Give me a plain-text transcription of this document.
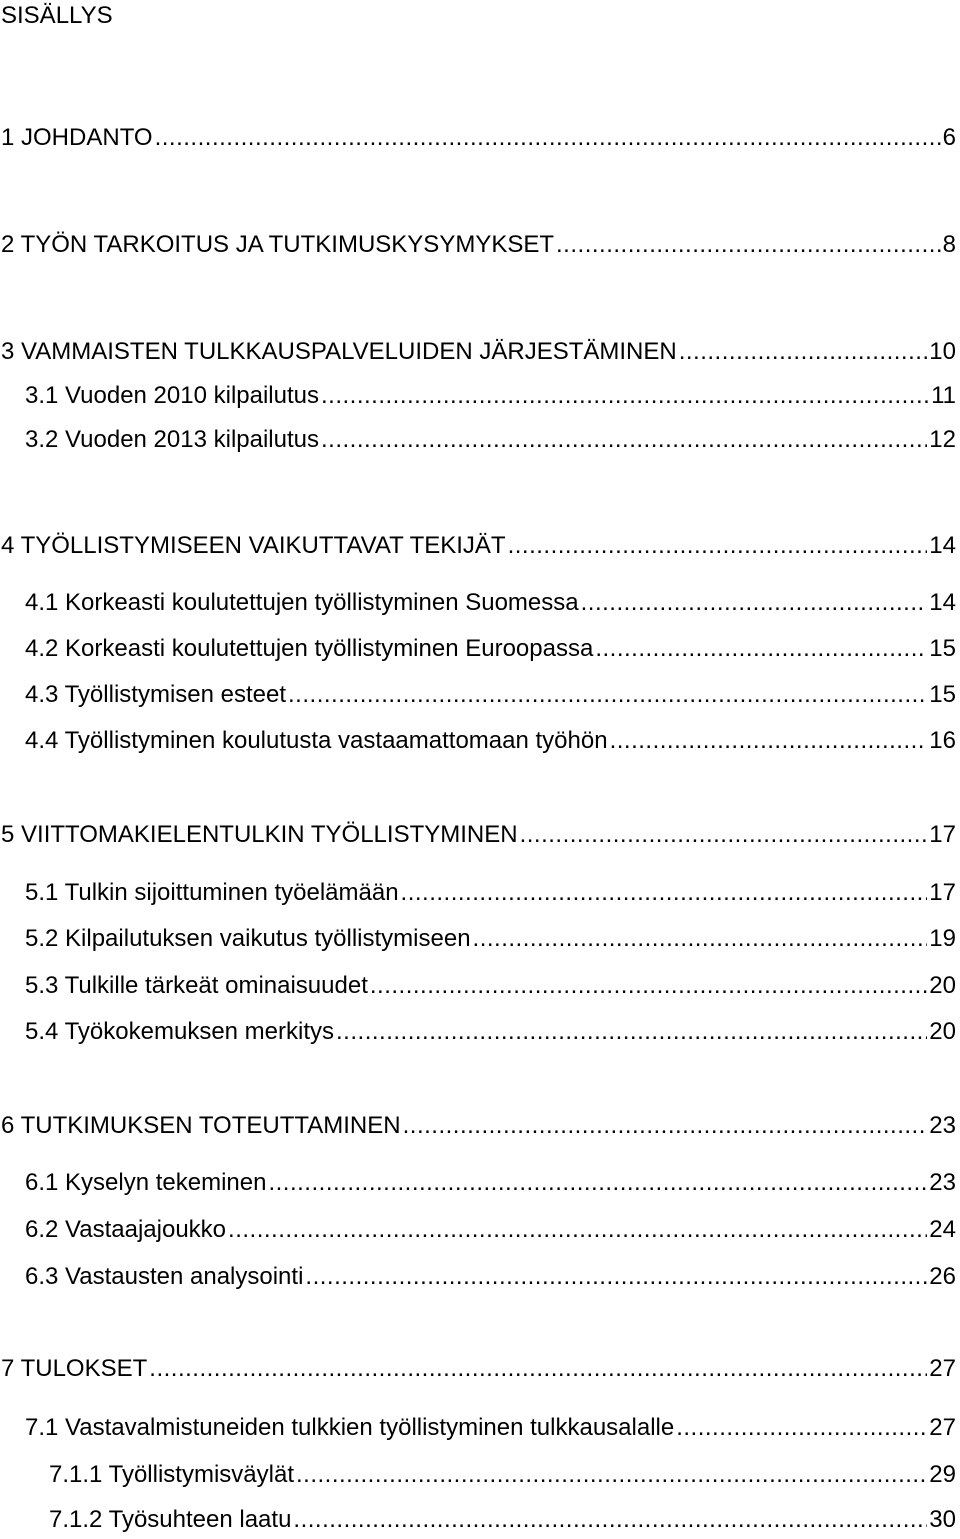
SISÄLLYS
1 JOHDANTO .....	6
2 TYÖN TARKOITUS JA TUTKIMUSKYSYMYKSET .....	8
3 VAMMAISTEN TULKKAUSPALVELUIDEN JÄRJESTÄMINEN .....	10
3.1 Vuoden 2010 kilpailutus .....	11
3.2 Vuoden 2013 kilpailutus .....	12
4 TYÖLLISTYMISEEN VAIKUTTAVAT TEKIJÄT .....	14
4.1 Korkeasti koulutettujen työllistyminen Suomessa .....	14
4.2 Korkeasti koulutettujen työllistyminen Euroopassa .....	15
4.3 Työllistymisen esteet .....	15
4.4 Työllistyminen koulutusta vastaamattomaan työhön .....	16
5 VIITTOMAKIELENTULKIN TYÖLLISTYMINEN .....	17
5.1 Tulkin sijoittuminen työelämään .....	17
5.2 Kilpailutuksen vaikutus työllistymiseen .....	19
5.3 Tulkille tärkeät ominaisuudet .....	20
5.4 Työkokemuksen merkitys .....	20
6 TUTKIMUKSEN TOTEUTTAMINEN .....	23
6.1 Kyselyn tekeminen .....	23
6.2 Vastaajajoukko .....	24
6.3 Vastausten analysointi .....	26
7 TULOKSET .....	27
7.1 Vastavalmistuneiden tulkkien työllistyminen tulkkausalalle .....	27
7.1.1 Työllistymisväylät .....	29
7.1.2 Työsuhteen laatu .....	30
